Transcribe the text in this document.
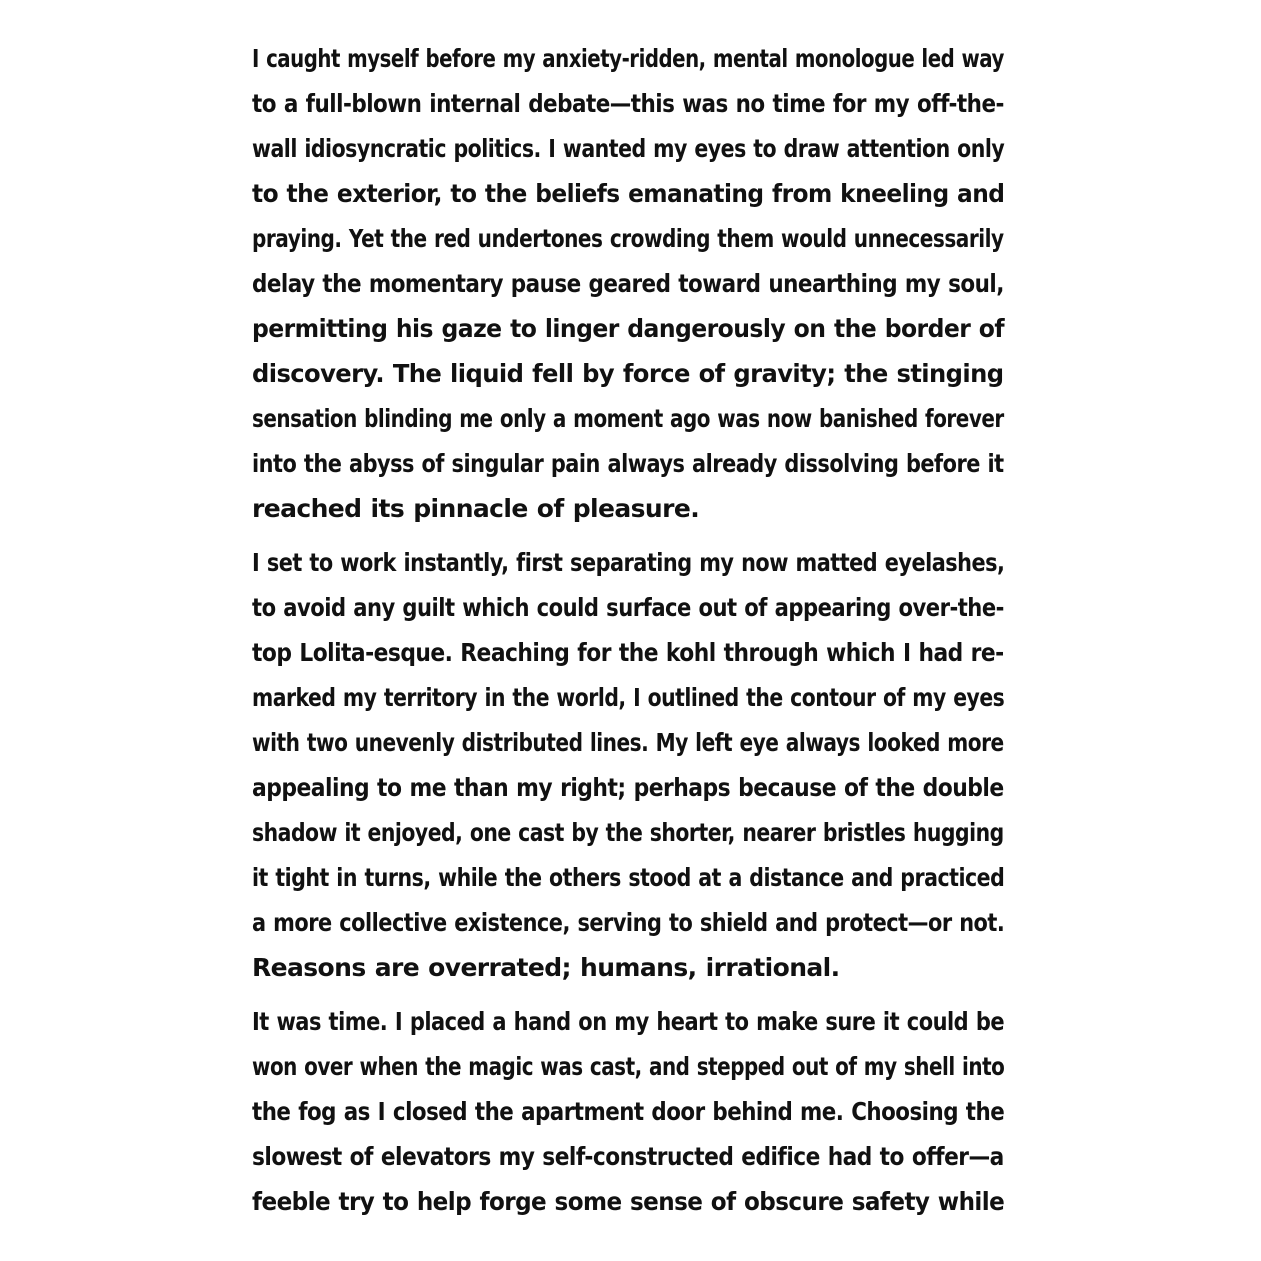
I caught myself before my anxiety-ridden, mental monologue led way
to a full-blown internal debate—this was no time for my off-the-
wall idiosyncratic politics. I wanted my eyes to draw attention only
to the exterior, to the beliefs emanating from kneeling and
praying. Yet the red undertones crowding them would unnecessarily
delay the momentary pause geared toward unearthing my soul,
permitting his gaze to linger dangerously on the border of
discovery. The liquid fell by force of gravity; the stinging
sensation blinding me only a moment ago was now banished forever
into the abyss of singular pain always already dissolving before it
reached its pinnacle of pleasure.
I set to work instantly, first separating my now matted eyelashes,
to avoid any guilt which could surface out of appearing over-the-
top Lolita-esque. Reaching for the kohl through which I had re-
marked my territory in the world, I outlined the contour of my eyes
with two unevenly distributed lines. My left eye always looked more
appealing to me than my right; perhaps because of the double
shadow it enjoyed, one cast by the shorter, nearer bristles hugging
it tight in turns, while the others stood at a distance and practiced
a more collective existence, serving to shield and protect—or not.
Reasons are overrated; humans, irrational.
It was time. I placed a hand on my heart to make sure it could be
won over when the magic was cast, and stepped out of my shell into
the fog as I closed the apartment door behind me. Choosing the
slowest of elevators my self-constructed edifice had to offer—a
feeble try to help forge some sense of obscure safety while
